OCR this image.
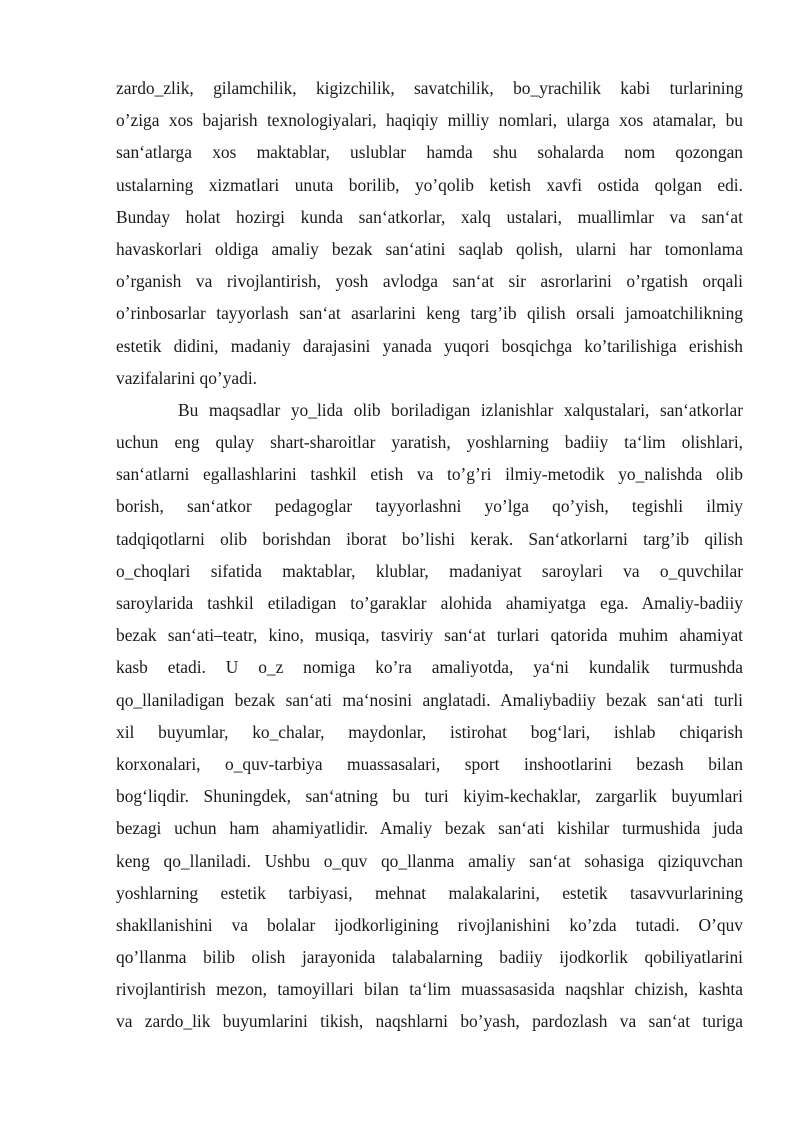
zardo_zlik, gilamchilik, kigizchilik, savatchilik, bo_yrachilik kabi turlarining
o’ziga xos bajarish texnologiyalari, haqiqiy milliy nomlari, ularga xos atamalar, bu
san‘atlarga xos maktablar, uslublar hamda shu sohalarda nom qozongan
ustalarning xizmatlari unuta borilib, yo’qolib ketish xavfi ostida qolgan edi.
Bunday holat hozirgi kunda san‘atkorlar, xalq ustalari, muallimlar va san‘at
havaskorlari oldiga amaliy bezak san‘atini saqlab qolish, ularni har tomonlama
o’rganish va rivojlantirish, yosh avlodga san‘at sir asrorlarini o’rgatish orqali
o’rinbosarlar tayyorlash san‘at asarlarini keng targ’ib qilish orsali jamoatchilikning
estetik didini, madaniy darajasini yanada yuqori bosqichga ko’tarilishiga erishish
vazifalarini qo’yadi.
Bu maqsadlar yo_lida olib boriladigan izlanishlar xalqustalari, san‘atkorlar
uchun eng qulay shart-sharoitlar yaratish, yoshlarning badiiy ta‘lim olishlari,
san‘atlarni egallashlarini tashkil etish va to’g’ri ilmiy-metodik yo_nalishda olib
borish, san‘atkor pedagoglar tayyorlashni yo’lga qo’yish, tegishli ilmiy
tadqiqotlarni olib borishdan iborat bo’lishi kerak. San‘atkorlarni targ’ib qilish
o_choqlari sifatida maktablar, klublar, madaniyat saroylari va o_quvchilar
saroylarida tashkil etiladigan to’garaklar alohida ahamiyatga ega. Amaliy-badiiy
bezak san‘ati–teatr, kino, musiqa, tasviriy san‘at turlari qatorida muhim ahamiyat
kasb etadi. U o_z nomiga ko’ra amaliyotda, ya‘ni kundalik turmushda
qo_llaniladigan bezak san‘ati ma‘nosini anglatadi. Amaliybadiiy bezak san‘ati turli
xil buyumlar, ko_chalar, maydonlar, istirohat bog‘lari, ishlab chiqarish
korxonalari, o_quv-tarbiya muassasalari, sport inshootlarini bezash bilan
bog‘liqdir. Shuningdek, san‘atning bu turi kiyim-kechaklar, zargarlik buyumlari
bezagi uchun ham ahamiyatlidir. Amaliy bezak san‘ati kishilar turmushida juda
keng qo_llaniladi. Ushbu o_quv qo_llanma amaliy san‘at sohasiga qiziquvchan
yoshlarning estetik tarbiyasi, mehnat malakalarini, estetik tasavvurlarining
shakllanishini va bolalar ijodkorligining rivojlanishini ko’zda tutadi. O’quv
qo’llanma bilib olish jarayonida talabalarning badiiy ijodkorlik qobiliyatlarini
rivojlantirish mezon, tamoyillari bilan ta‘lim muassasasida naqshlar chizish, kashta
va zardo_lik buyumlarini tikish, naqshlarni bo’yash, pardozlash va san‘at turiga
